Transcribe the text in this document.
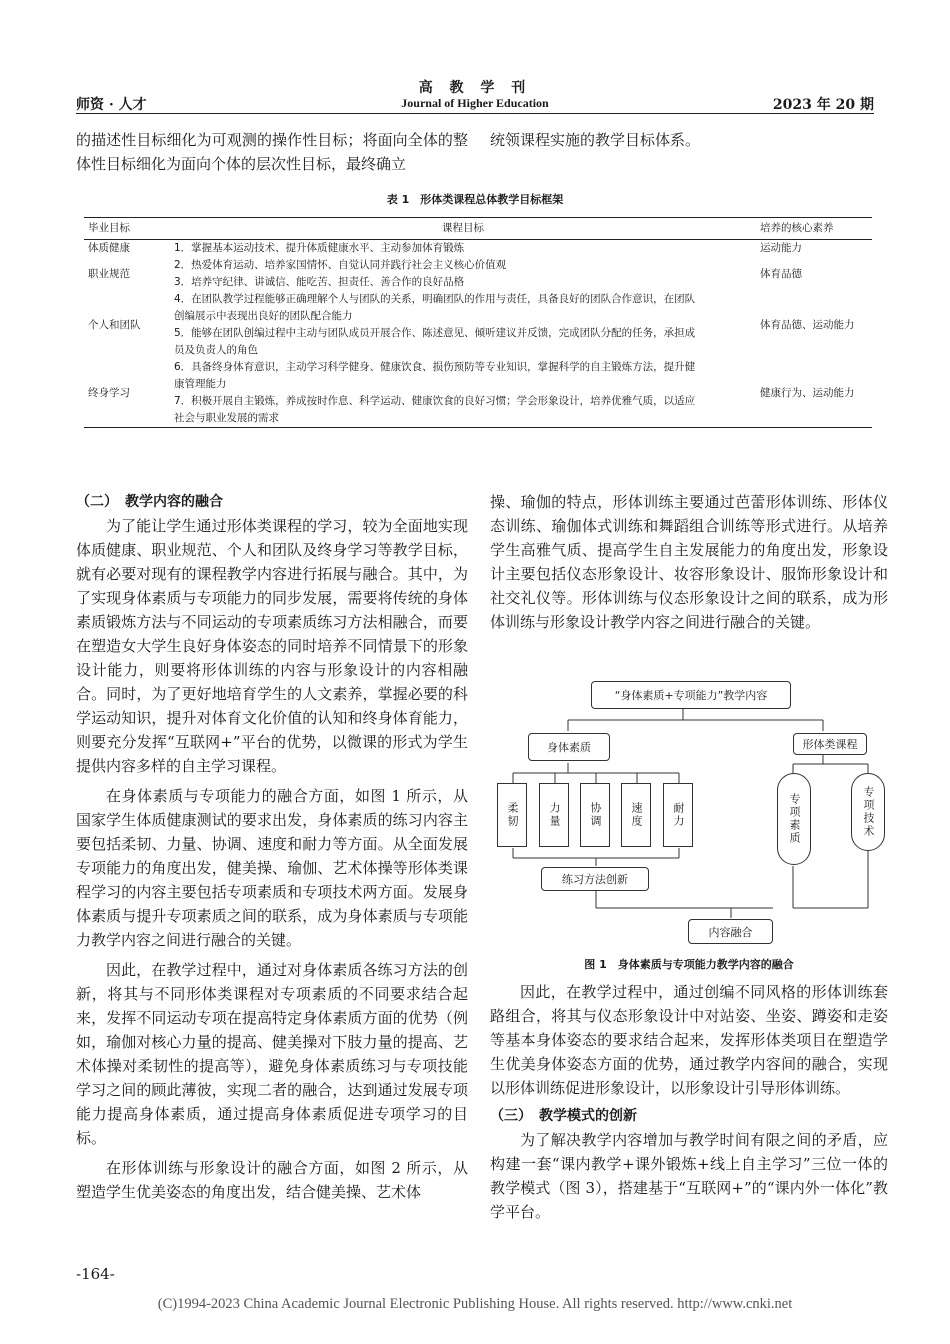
高 教 学 刊
师资 · 人才	Journal of Higher Education	2023 年 20 期
的描述性目标细化为可观测的操作性目标；将面向全体的整体性目标细化为面向个体的层次性目标，最终确立
统领课程实施的教学目标体系。
表 1　形体类课程总体教学目标框架
毕业目标	课程目标	培养的核心素养
体质健康	1．掌握基本运动技术、提升体质健康水平、主动参加体育锻炼	运动能力
职业规范	2．热爱体育运动、培养家国情怀、自觉认同并践行社会主义核心价值观
3．培养守纪律、讲诚信、能吃苦、担责任、善合作的良好品格	体育品德
个人和团队	4．在团队教学过程能够正确理解个人与团队的关系，明确团队的作用与责任，具备良好的团队合作意识，在团队
创编展示中表现出良好的团队配合能力
5．能够在团队创编过程中主动与团队成员开展合作、陈述意见、倾听建议并反馈，完成团队分配的任务，承担成
员及负责人的角色	体育品德、运动能力
终身学习	6．具备终身体育意识，主动学习科学健身、健康饮食、损伤预防等专业知识，掌握科学的自主锻炼方法，提升健
康管理能力
7．积极开展自主锻炼，养成按时作息、科学运动、健康饮食的良好习惯；学会形象设计，培养优雅气质，以适应
社会与职业发展的需求	健康行为、运动能力

（二）　教学内容的融合

为了能让学生通过形体类课程的学习，较为全面地实现体质健康、职业规范、个人和团队及终身学习等教学目标，就有必要对现有的课程教学内容进行拓展与融合。其中，为了实现身体素质与专项能力的同步发展，需要将传统的身体素质锻炼方法与不同运动的专项素质练习方法相融合，而要在塑造女大学生良好身体姿态的同时培养不同情景下的形象设计能力，则要将形体训练的内容与形象设计的内容相融合。同时，为了更好地培育学生的人文素养，掌握必要的科学运动知识，提升对体育文化价值的认知和终身体育能力，则要充分发挥“互联网+”平台的优势，以微课的形式为学生提供内容多样的自主学习课程。

在身体素质与专项能力的融合方面，如图 1 所示，从国家学生体质健康测试的要求出发，身体素质的练习内容主要包括柔韧、力量、协调、速度和耐力等方面。从全面发展专项能力的角度出发，健美操、瑜伽、艺术体操等形体类课程学习的内容主要包括专项素质和专项技术两方面。发展身体素质与提升专项素质之间的联系，成为身体素质与专项能力教学内容之间进行融合的关键。

因此，在教学过程中，通过对身体素质各练习方法的创新，将其与不同形体类课程对专项素质的不同要求结合起来，发挥不同运动专项在提高特定身体素质方面的优势（例如，瑜伽对核心力量的提高、健美操对下肢力量的提高、艺术体操对柔韧性的提高等），避免身体素质练习与专项技能学习之间的顾此薄彼，实现二者的融合，达到通过发展专项能力提高身体素质，通过提高身体素质促进专项学习的目标。

在形体训练与形象设计的融合方面，如图 2 所示，从塑造学生优美姿态的角度出发，结合健美操、艺术体

操、瑜伽的特点，形体训练主要通过芭蕾形体训练、形体仪态训练、瑜伽体式训练和舞蹈组合训练等形式进行。从培养学生高雅气质、提高学生自主发展能力的角度出发，形象设计主要包括仪态形象设计、妆容形象设计、服饰形象设计和社交礼仪等。形体训练与仪态形象设计之间的联系，成为形体训练与形象设计教学内容之间进行融合的关键。
“身体素质+专项能力”教学内容
身体素质	形体类课程
柔韧	力量	协调	速度	耐力	专项素质	专项技术
练习方法创新
内容融合
图 1　身体素质与专项能力教学内容的融合

因此，在教学过程中，通过创编不同风格的形体训练套路组合，将其与仪态形象设计中对站姿、坐姿、蹲姿和走姿等基本身体姿态的要求结合起来，发挥形体类项目在塑造学生优美身体姿态方面的优势，通过教学内容间的融合，实现以形体训练促进形象设计，以形象设计引导形体训练。

（三）　教学模式的创新

为了解决教学内容增加与教学时间有限之间的矛盾，应构建一套“课内教学+课外锻炼+线上自主学习”三位一体的教学模式（图 3），搭建基于“互联网+”的“课内外一体化”教学平台。

-164-
(C)1994-2023 China Academic Journal Electronic Publishing House. All rights reserved. http://www.cnki.net
